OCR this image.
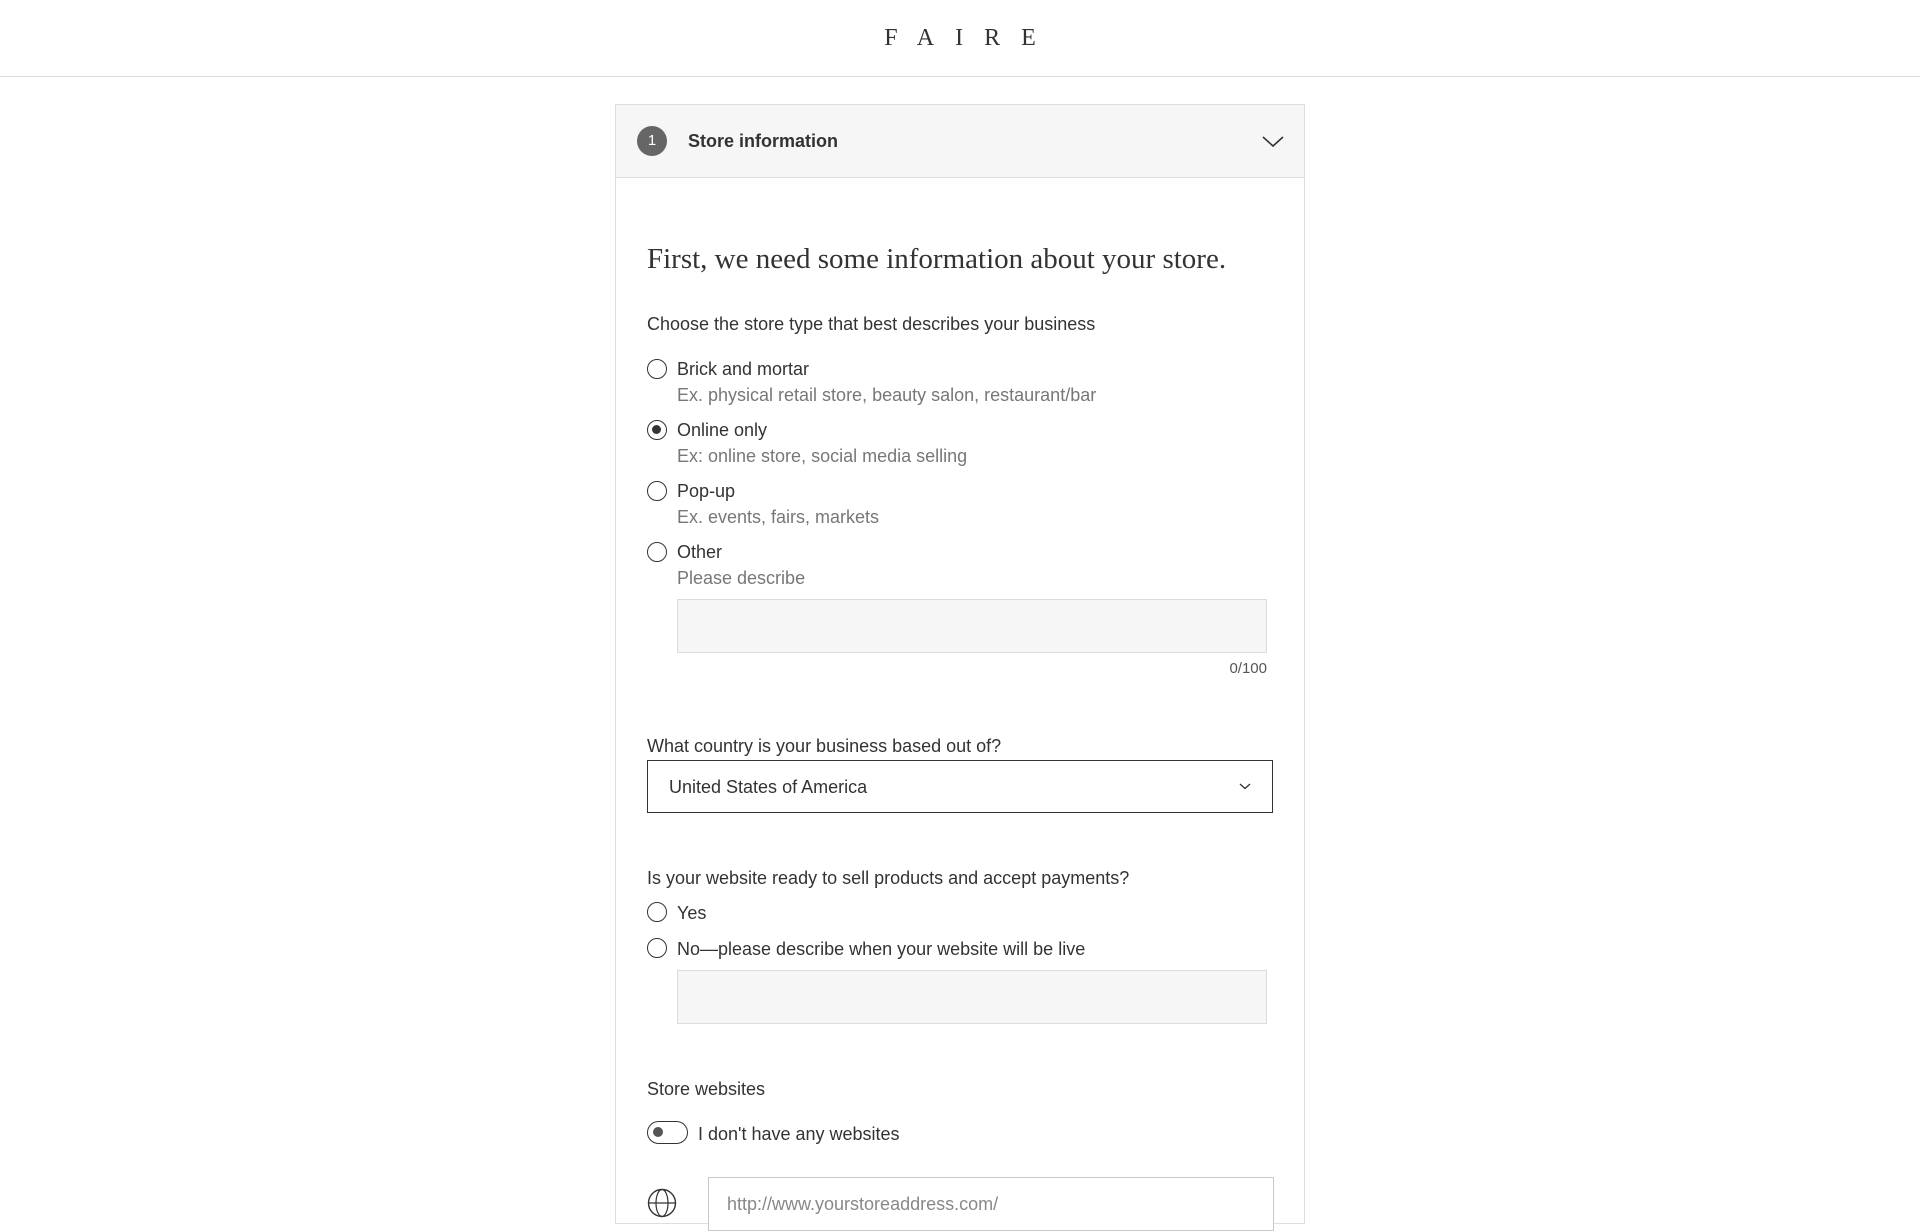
FAIRE
1	Store information
First, we need some information about your store.
Choose the store type that best describes your business
Brick and mortar
Ex. physical retail store, beauty salon, restaurant/bar
Online only
Ex: online store, social media selling
Pop-up
Ex. events, fairs, markets
Other
Please describe
0/100
What country is your business based out of?
United States of America
Is your website ready to sell products and accept payments?
Yes
No—please describe when your website will be live
Store websites
I don't have any websites
http://www.yourstoreaddress.com/
